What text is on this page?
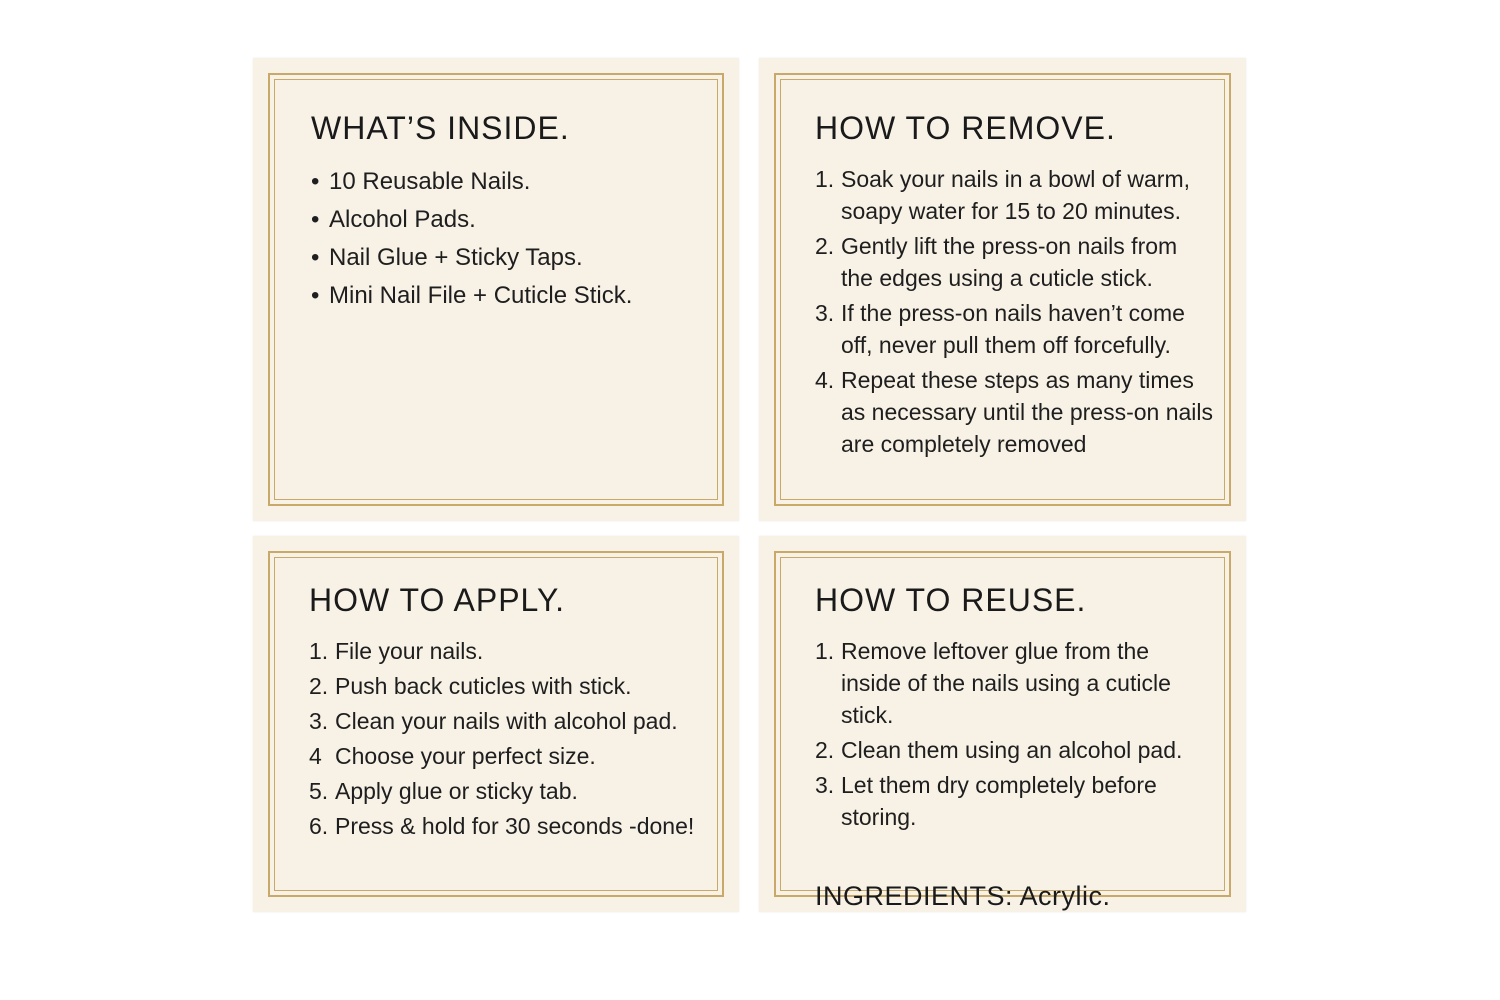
WHAT’S INSIDE.
• 10 Reusable Nails.
• Alcohol Pads.
• Nail Glue + Sticky Taps.
• Mini Nail File + Cuticle Stick.
HOW TO REMOVE.
1. Soak your nails in a bowl of warm, soapy water for 15 to 20 minutes.
2. Gently lift the press-on nails from the edges using a cuticle stick.
3. If the press-on nails haven’t come off, never pull them off forcefully.
4. Repeat these steps as many times as necessary until the press-on nails are completely removed
HOW TO APPLY.
1. File your nails.
2. Push back cuticles with stick.
3. Clean your nails with alcohol pad.
4 Choose your perfect size.
5. Apply glue or sticky tab.
6. Press & hold for 30 seconds -done!
HOW TO REUSE.
1. Remove leftover glue from the inside of the nails using a cuticle stick.
2. Clean them using an alcohol pad.
3. Let them dry completely before storing.
INGREDIENTS: Acrylic.
